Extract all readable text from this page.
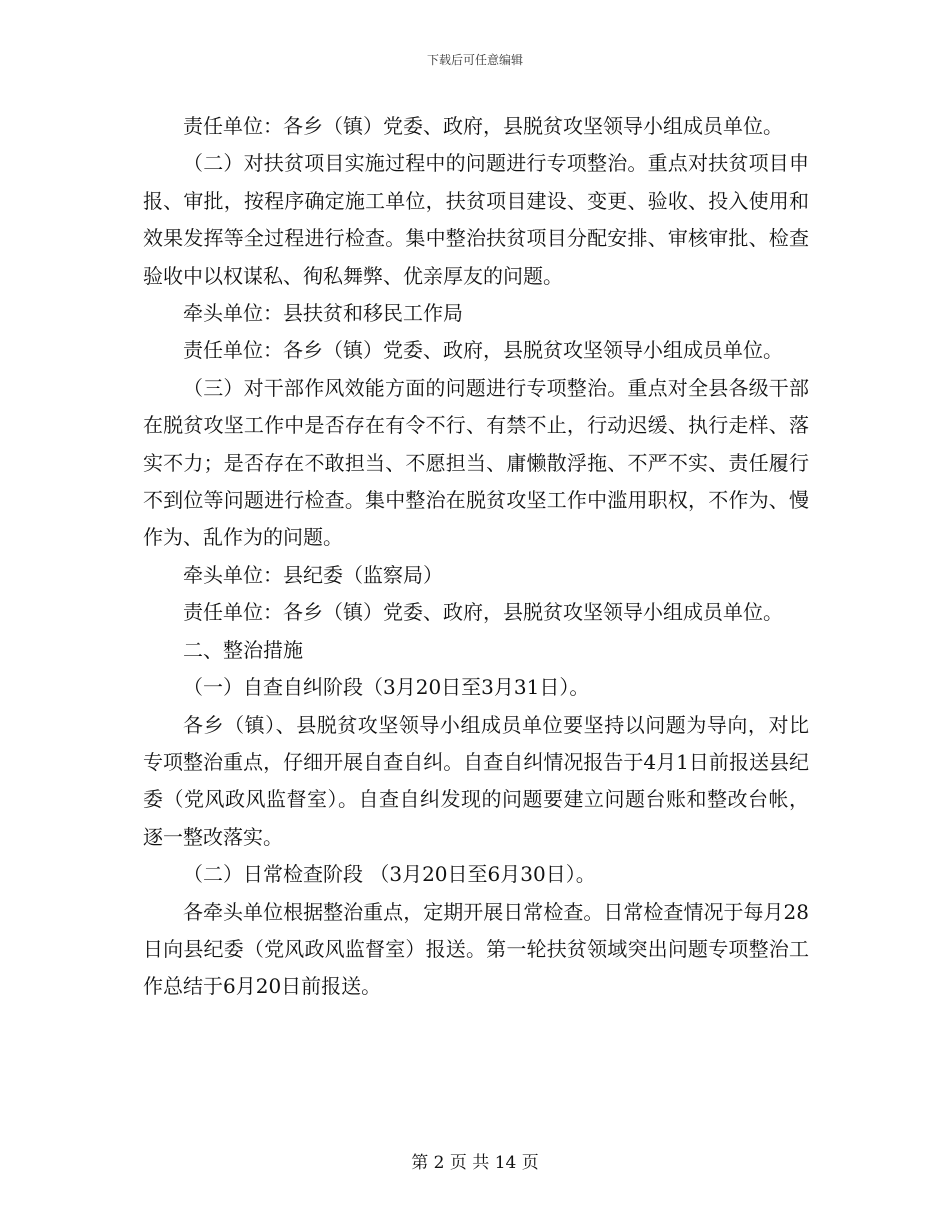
下载后可任意编辑

责任单位：各乡（镇）党委、政府，县脱贫攻坚领导小组成员单位。

（二）对扶贫项目实施过程中的问题进行专项整治。重点对扶贫项目申报、审批，按程序确定施工单位，扶贫项目建设、变更、验收、投入使用和效果发挥等全过程进行检查。集中整治扶贫项目分配安排、审核审批、检查验收中以权谋私、徇私舞弊、优亲厚友的问题。

牵头单位：县扶贫和移民工作局

责任单位：各乡（镇）党委、政府，县脱贫攻坚领导小组成员单位。

（三）对干部作风效能方面的问题进行专项整治。重点对全县各级干部在脱贫攻坚工作中是否存在有令不行、有禁不止，行动迟缓、执行走样、落实不力；是否存在不敢担当、不愿担当、庸懒散浮拖、不严不实、责任履行不到位等问题进行检查。集中整治在脱贫攻坚工作中滥用职权，不作为、慢作为、乱作为的问题。

牵头单位：县纪委（监察局）

责任单位：各乡（镇）党委、政府，县脱贫攻坚领导小组成员单位。

二、整治措施

（一）自查自纠阶段（3月20日至3月31日）。

各乡（镇）、县脱贫攻坚领导小组成员单位要坚持以问题为导向，对比专项整治重点，仔细开展自查自纠。自查自纠情况报告于4月1日前报送县纪委（党风政风监督室）。自查自纠发现的问题要建立问题台账和整改台帐，逐一整改落实。

（二）日常检查阶段 （3月20日至6月30日）。

各牵头单位根据整治重点，定期开展日常检查。日常检查情况于每月28日向县纪委（党风政风监督室）报送。第一轮扶贫领域突出问题专项整治工作总结于6月20日前报送。

第 2 页 共 14 页
